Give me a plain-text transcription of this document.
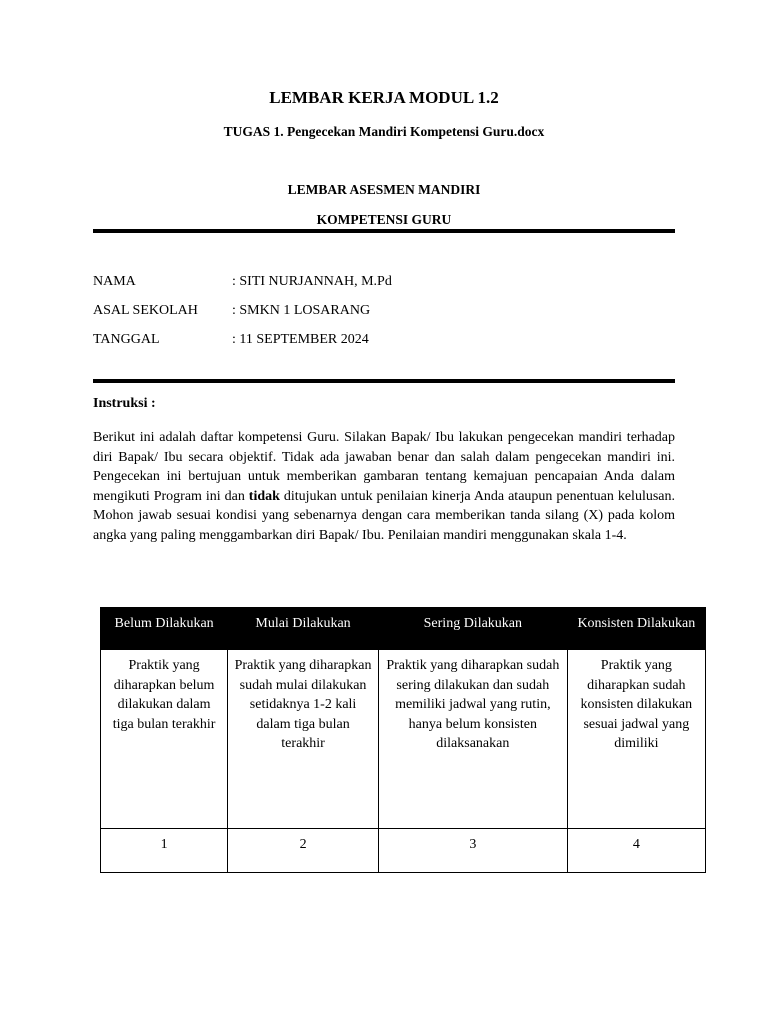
LEMBAR KERJA MODUL 1.2
TUGAS 1. Pengecekan Mandiri Kompetensi Guru.docx
LEMBAR ASESMEN MANDIRI
KOMPETENSI GURU
NAMA	: SITI NURJANNAH, M.Pd
ASAL SEKOLAH : SMKN 1 LOSARANG
TANGGAL	: 11 SEPTEMBER 2024
Instruksi :
Berikut ini adalah daftar kompetensi Guru. Silakan Bapak/ Ibu lakukan pengecekan mandiri terhadap diri Bapak/ Ibu secara objektif. Tidak ada jawaban benar dan salah dalam pengecekan mandiri ini. Pengecekan ini bertujuan untuk memberikan gambaran tentang kemajuan pencapaian Anda dalam mengikuti Program ini dan tidak ditujukan untuk penilaian kinerja Anda ataupun penentuan kelulusan. Mohon jawab sesuai kondisi yang sebenarnya dengan cara memberikan tanda silang (X) pada kolom angka yang paling menggambarkan diri Bapak/ Ibu. Penilaian mandiri menggunakan skala 1-4.
Belum Dilakukan	Mulai Dilakukan	Sering Dilakukan	Konsisten Dilakukan
Praktik yang diharapkan belum dilakukan dalam tiga bulan terakhir	Praktik yang diharapkan sudah mulai dilakukan setidaknya 1-2 kali dalam tiga bulan terakhir	Praktik yang diharapkan sudah sering dilakukan dan sudah memiliki jadwal yang rutin, hanya belum konsisten dilaksanakan	Praktik yang diharapkan sudah konsisten dilakukan sesuai jadwal yang dimiliki
1	2	3	4
